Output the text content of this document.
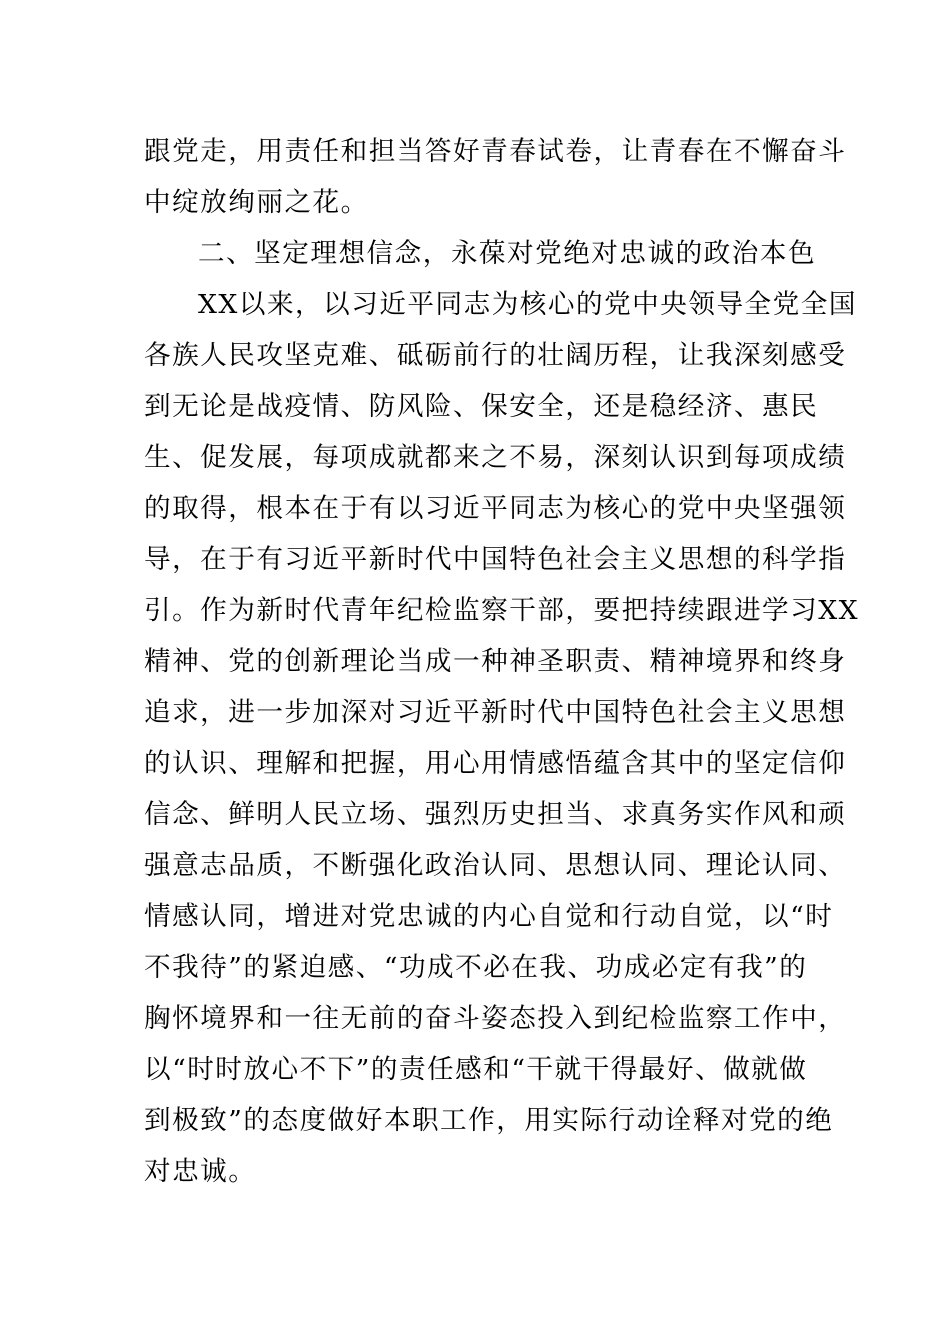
跟党走，用责任和担当答好青春试卷，让青春在不懈奋斗
中绽放绚丽之花。
二、坚定理想信念，永葆对党绝对忠诚的政治本色
XX以来，以习近平同志为核心的党中央领导全党全国
各族人民攻坚克难、砥砺前行的壮阔历程，让我深刻感受
到无论是战疫情、防风险、保安全，还是稳经济、惠民
生、促发展，每项成就都来之不易，深刻认识到每项成绩
的取得，根本在于有以习近平同志为核心的党中央坚强领
导，在于有习近平新时代中国特色社会主义思想的科学指
引。作为新时代青年纪检监察干部，要把持续跟进学习XX
精神、党的创新理论当成一种神圣职责、精神境界和终身
追求，进一步加深对习近平新时代中国特色社会主义思想
的认识、理解和把握，用心用情感悟蕴含其中的坚定信仰
信念、鲜明人民立场、强烈历史担当、求真务实作风和顽
强意志品质，不断强化政治认同、思想认同、理论认同、
情感认同，增进对党忠诚的内心自觉和行动自觉，以“时
不我待”的紧迫感、“功成不必在我、功成必定有我”的
胸怀境界和一往无前的奋斗姿态投入到纪检监察工作中，
以“时时放心不下”的责任感和“干就干得最好、做就做
到极致”的态度做好本职工作，用实际行动诠释对党的绝
对忠诚。
